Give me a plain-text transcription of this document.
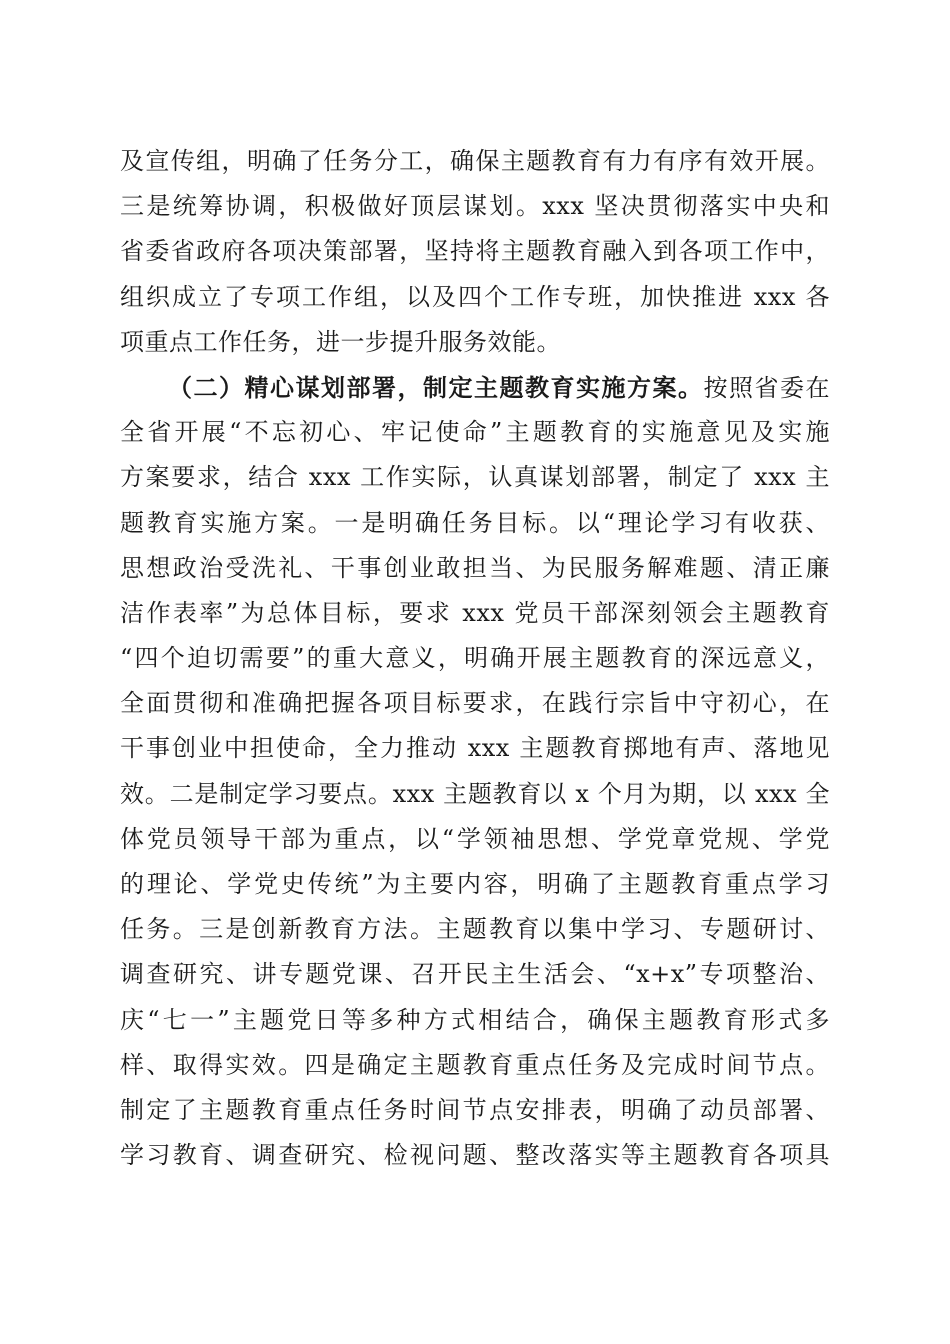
及宣传组，明确了任务分工，确保主题教育有力有序有效开展。
三是统筹协调，积极做好顶层谋划。xxx 坚决贯彻落实中央和
省委省政府各项决策部署，坚持将主题教育融入到各项工作中，
组织成立了专项工作组，以及四个工作专班，加快推进 xxx 各
项重点工作任务，进一步提升服务效能。
（二）精心谋划部署，制定主题教育实施方案。按照省委在
全省开展“不忘初心、牢记使命”主题教育的实施意见及实施
方案要求，结合 xxx 工作实际，认真谋划部署，制定了 xxx 主
题教育实施方案。一是明确任务目标。以“理论学习有收获、
思想政治受洗礼、干事创业敢担当、为民服务解难题、清正廉
洁作表率”为总体目标，要求 xxx 党员干部深刻领会主题教育
“四个迫切需要”的重大意义，明确开展主题教育的深远意义，
全面贯彻和准确把握各项目标要求，在践行宗旨中守初心，在
干事创业中担使命，全力推动 xxx 主题教育掷地有声、落地见
效。二是制定学习要点。xxx 主题教育以 x 个月为期，以 xxx 全
体党员领导干部为重点，以“学领袖思想、学党章党规、学党
的理论、学党史传统”为主要内容，明确了主题教育重点学习
任务。三是创新教育方法。主题教育以集中学习、专题研讨、
调查研究、讲专题党课、召开民主生活会、“x+x”专项整治、
庆“七一”主题党日等多种方式相结合，确保主题教育形式多
样、取得实效。四是确定主题教育重点任务及完成时间节点。
制定了主题教育重点任务时间节点安排表，明确了动员部署、
学习教育、调查研究、检视问题、整改落实等主题教育各项具
